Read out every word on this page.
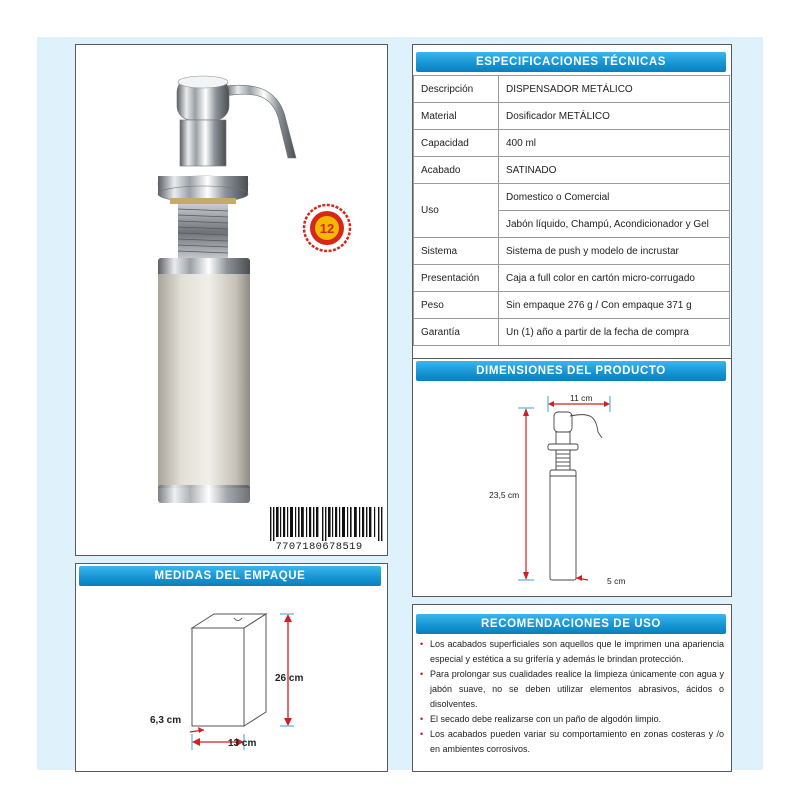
12
7707180678519
MEDIDAS DEL EMPAQUE
26 cm
6,3 cm
13 cm
ESPECIFICACIONES TÉCNICAS
Descripción	DISPENSADOR METÁLICO
Material	Dosificador METÁLICO
Capacidad	400 ml
Acabado	SATINADO
Uso	Domestico o Comercial
	Jabón líquido, Champú, Acondicionador y Gel
Sistema	Sistema de push y modelo de incrustar
Presentación	Caja a full color en cartón micro-corrugado
Peso	Sin empaque 276 g / Con empaque 371 g
Garantía	Un (1) año a partir de la fecha de compra
DIMENSIONES DEL PRODUCTO
11 cm
23,5 cm
5 cm
RECOMENDACIONES DE USO
• Los acabados superficiales son aquellos que le imprimen una apariencia especial y estética a su grifería y además le brindan protección.
• Para prolongar sus cualidades realice la limpieza únicamente con agua y jabón suave, no se deben utilizar elementos abrasivos, ácidos o disolventes.
• El secado debe realizarse con un paño de algodón limpio.
• Los acabados pueden variar su comportamiento en zonas costeras y /o en ambientes corrosivos.
